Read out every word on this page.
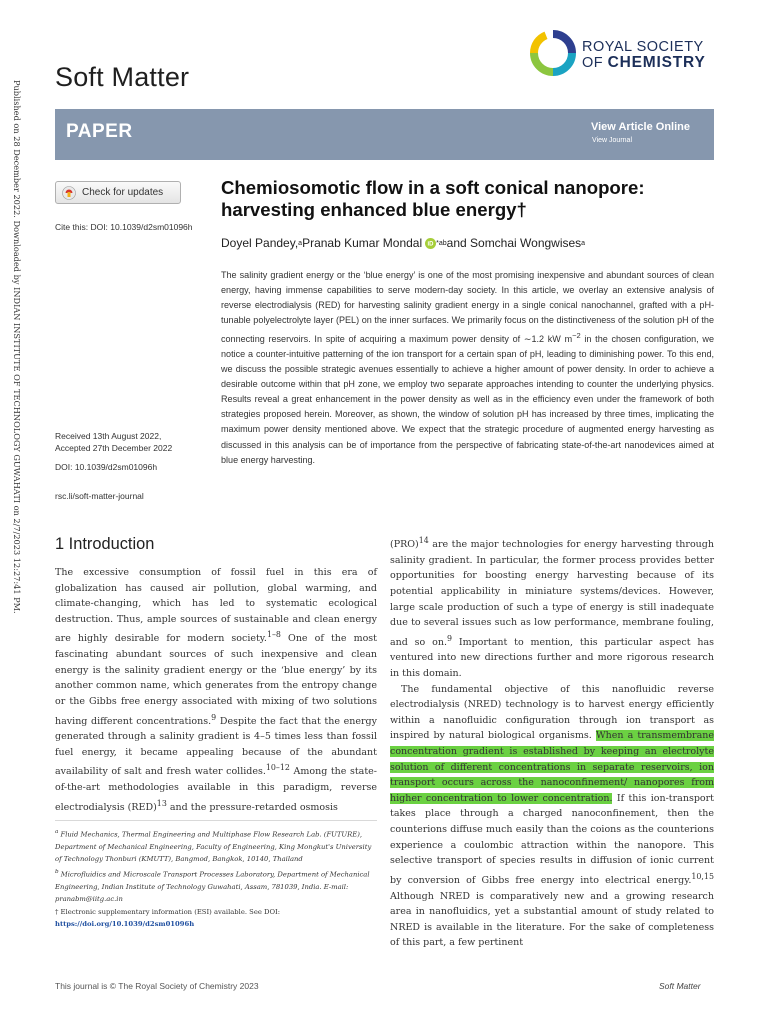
Published on 28 December 2022. Downloaded by INDIAN INSTITUTE OF TECHNOLOGY GUWAHATI on 2/7/2023 12:27:41 PM.
Soft Matter
ROYAL SOCIETY
OF CHEMISTRY
PAPER	View Article Online
View Journal
Check for updates
Cite this: DOI: 10.1039/d2sm01096h
Received 13th August 2022,
Accepted 27th December 2022
DOI: 10.1039/d2sm01096h
rsc.li/soft-matter-journal
Chemiosomotic flow in a soft conical nanopore: harvesting enhanced blue energy†
Doyel Pandey, a Pranab Kumar Mondal iD *ab and Somchai Wongwises a

The salinity gradient energy or the ‘blue energy’ is one of the most promising inexpensive and abundant sources of clean energy, having immense capabilities to serve modern-day society. In this article, we overlay an extensive analysis of reverse electrodialysis (RED) for harvesting salinity gradient energy in a single conical nanochannel, grafted with a pH-tunable polyelectrolyte layer (PEL) on the inner surfaces. We primarily focus on the distinctiveness of the solution pH of the connecting reservoirs. In spite of acquiring a maximum power density of ∼1.2 kW $m^{-2}$ in the chosen configuration, we notice a counter-intuitive patterning of the ion transport for a certain span of pH, leading to diminishing power. To this end, we discuss the possible strategic avenues essentially to achieve a higher amount of power density. In order to achieve a desirable outcome within that pH zone, we employ two separate approaches intending to counter the underlying physics. Results reveal a great enhancement in the power density as well as in the efficiency even under the framework of both strategies proposed herein. Moreover, as shown, the window of solution pH has increased by three times, implicating the maximum power density mentioned above. We expect that the strategic procedure of augmented energy harvesting as discussed in this analysis can be of importance from the perspective of fabricating state-of-the-art nanodevices aimed at blue energy harvesting.

1 Introduction

The excessive consumption of fossil fuel in this era of globalization has caused air pollution, global warming, and climate-changing, which has led to systematic ecological destruction. Thus, ample sources of sustainable and clean energy are highly desirable for modern society.$^{1-8}$ One of the most fascinating abundant sources of such inexpensive and clean energy is the salinity gradient energy or the ‘blue energy’ by its another common name, which generates from the entropy change or the Gibbs free energy associated with mixing of two solutions having different concentrations.$^9$ Despite the fact that the energy generated through a salinity gradient is 4–5 times less than fossil fuel energy, it became appealing because of the abundant availability of salt and fresh water collides.$^{10-12}$ Among the state-of-the-art methodologies available in this paradigm, reverse electrodialysis (RED)$^{13}$ and the pressure-retarded osmosis

(PRO)$^{14}$ are the major technologies for energy harvesting through salinity gradient. In particular, the former process provides better opportunities for boosting energy harvesting because of its potential applicability in miniature systems/devices. However, large scale production of such a type of energy is still inadequate due to several issues such as low performance, membrane fouling, and so on.$^9$ Important to mention, this particular aspect has ventured into new directions further and more rigorous research in this domain.

The fundamental objective of this nanofluidic reverse electrodialysis (NRED) technology is to harvest energy efficiently within a nanofluidic configuration through ion transport as inspired by natural biological organisms. When a transmembrane concentration gradient is established by keeping an electrolyte solution of different concentrations in separate reservoirs, ion transport occurs across the nanoconfinement/ nanopores from higher concentration to lower concentration. If this ion-transport takes place through a charged nanoconfinement, then the counterions diffuse much easily than the coions as the counterions experience a coulombic attraction within the nanopore. This selective transport of species results in diffusion of ionic current by conversion of Gibbs free energy into electrical energy.$^{10,15}$ Although NRED is comparatively new and a growing research area in nanofluidics, yet a substantial amount of study related to NRED is available in the literature. For the sake of completeness of this part, a few pertinent

$^a$ Fluid Mechanics, Thermal Engineering and Multiphase Flow Research Lab. (FUTURE), Department of Mechanical Engineering, Faculty of Engineering, King Mongkut's University of Technology Thonburi (KMUTT), Bangmod, Bangkok, 10140, Thailand

$^b$ Microfluidics and Microscale Transport Processes Laboratory, Department of Mechanical Engineering, Indian Institute of Technology Guwahati, Assam, 781039, India. E-mail: pranabm@iitg.ac.in

† Electronic supplementary information (ESI) available. See DOI: https://doi.org/10.1039/d2sm01096h

This journal is © The Royal Society of Chemistry 2023	Soft Matter
